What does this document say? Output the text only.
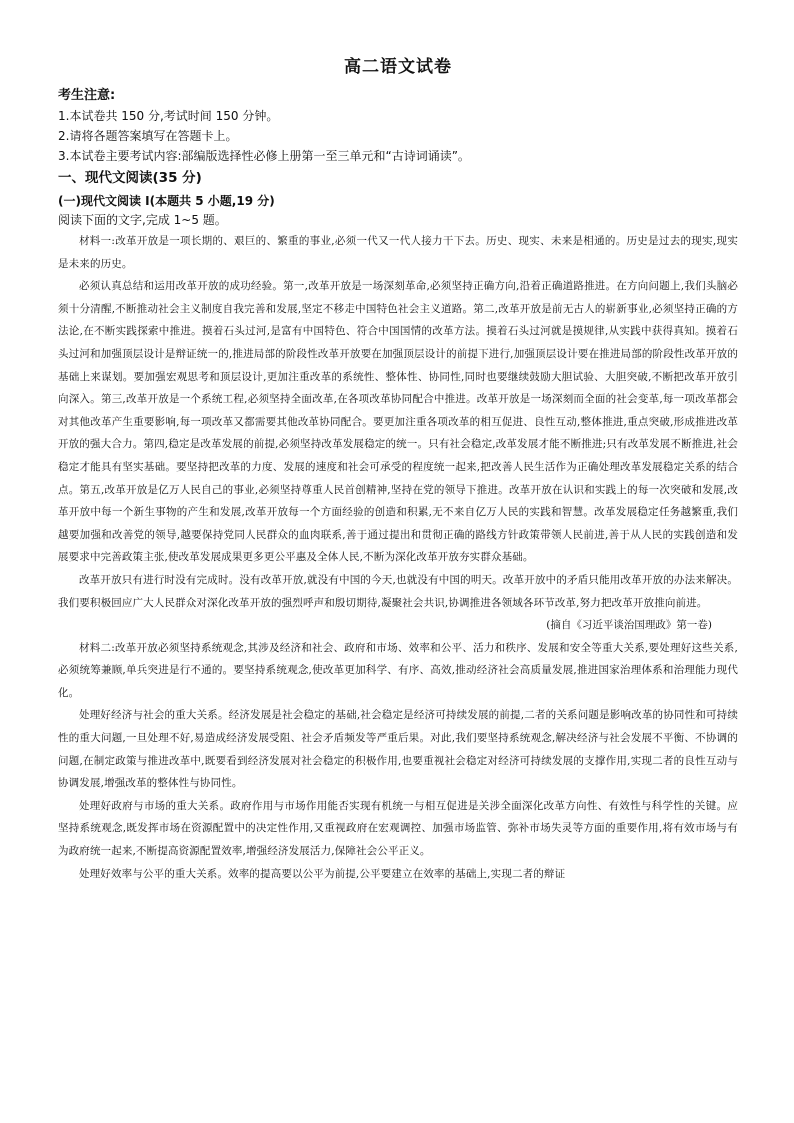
高二语文试卷

考生注意:

1.本试卷共 150 分,考试时间 150 分钟。

2.请将各题答案填写在答题卡上。

3.本试卷主要考试内容:部编版选择性必修上册第一至三单元和“古诗词诵读”。

一、现代文阅读(35 分)

(一)现代文阅读 I(本题共 5 小题,19 分)

阅读下面的文字,完成 1~5 题。

材料一:改革开放是一项长期的、艰巨的、繁重的事业,必须一代又一代人接力干下去。历史、现实、未来是相通的。历史是过去的现实,现实是未来的历史。

必须认真总结和运用改革开放的成功经验。第一,改革开放是一场深刻革命,必须坚持正确方向,沿着正确道路推进。在方向问题上,我们头脑必须十分清醒,不断推动社会主义制度自我完善和发展,坚定不移走中国特色社会主义道路。第二,改革开放是前无古人的崭新事业,必须坚持正确的方法论,在不断实践探索中推进。摸着石头过河,是富有中国特色、符合中国国情的改革方法。摸着石头过河就是摸规律,从实践中获得真知。摸着石头过河和加强顶层设计是辩证统一的,推进局部的阶段性改革开放要在加强顶层设计的前提下进行,加强顶层设计要在推进局部的阶段性改革开放的基础上来谋划。要加强宏观思考和顶层设计,更加注重改革的系统性、整体性、协同性,同时也要继续鼓励大胆试验、大胆突破,不断把改革开放引向深入。第三,改革开放是一个系统工程,必须坚持全面改革,在各项改革协同配合中推进。改革开放是一场深刻而全面的社会变革,每一项改革都会对其他改革产生重要影响,每一项改革又都需要其他改革协同配合。要更加注重各项改革的相互促进、良性互动,整体推进,重点突破,形成推进改革开放的强大合力。第四,稳定是改革发展的前提,必须坚持改革发展稳定的统一。只有社会稳定,改革发展才能不断推进;只有改革发展不断推进,社会稳定才能具有坚实基础。要坚持把改革的力度、发展的速度和社会可承受的程度统一起来,把改善人民生活作为正确处理改革发展稳定关系的结合点。第五,改革开放是亿万人民自己的事业,必须坚持尊重人民首创精神,坚持在党的领导下推进。改革开放在认识和实践上的每一次突破和发展,改革开放中每一个新生事物的产生和发展,改革开放每一个方面经验的创造和积累,无不来自亿万人民的实践和智慧。改革发展稳定任务越繁重,我们越要加强和改善党的领导,越要保持党同人民群众的血肉联系,善于通过提出和贯彻正确的路线方针政策带领人民前进,善于从人民的实践创造和发展要求中完善政策主张,使改革发展成果更多更公平惠及全体人民,不断为深化改革开放夯实群众基础。

改革开放只有进行时没有完成时。没有改革开放,就没有中国的今天,也就没有中国的明天。改革开放中的矛盾只能用改革开放的办法来解决。我们要积极回应广大人民群众对深化改革开放的强烈呼声和殷切期待,凝聚社会共识,协调推进各领域各环节改革,努力把改革开放推向前进。

(摘自《习近平谈治国理政》第一卷)

材料二:改革开放必须坚持系统观念,其涉及经济和社会、政府和市场、效率和公平、活力和秩序、发展和安全等重大关系,要处理好这些关系,必须统筹兼顾,单兵突进是行不通的。要坚持系统观念,使改革更加科学、有序、高效,推动经济社会高质量发展,推进国家治理体系和治理能力现代化。

处理好经济与社会的重大关系。经济发展是社会稳定的基础,社会稳定是经济可持续发展的前提,二者的关系问题是影响改革的协同性和可持续性的重大问题,一旦处理不好,易造成经济发展受阻、社会矛盾频发等严重后果。对此,我们要坚持系统观念,解决经济与社会发展不平衡、不协调的问题,在制定政策与推进改革中,既要看到经济发展对社会稳定的积极作用,也要重视社会稳定对经济可持续发展的支撑作用,实现二者的良性互动与协调发展,增强改革的整体性与协同性。

处理好政府与市场的重大关系。政府作用与市场作用能否实现有机统一与相互促进是关涉全面深化改革方向性、有效性与科学性的关键。应坚持系统观念,既发挥市场在资源配置中的决定性作用,又重视政府在宏观调控、加强市场监管、弥补市场失灵等方面的重要作用,将有效市场与有为政府统一起来,不断提高资源配置效率,增强经济发展活力,保障社会公平正义。

处理好效率与公平的重大关系。效率的提高要以公平为前提,公平要建立在效率的基础上,实现二者的辩证
